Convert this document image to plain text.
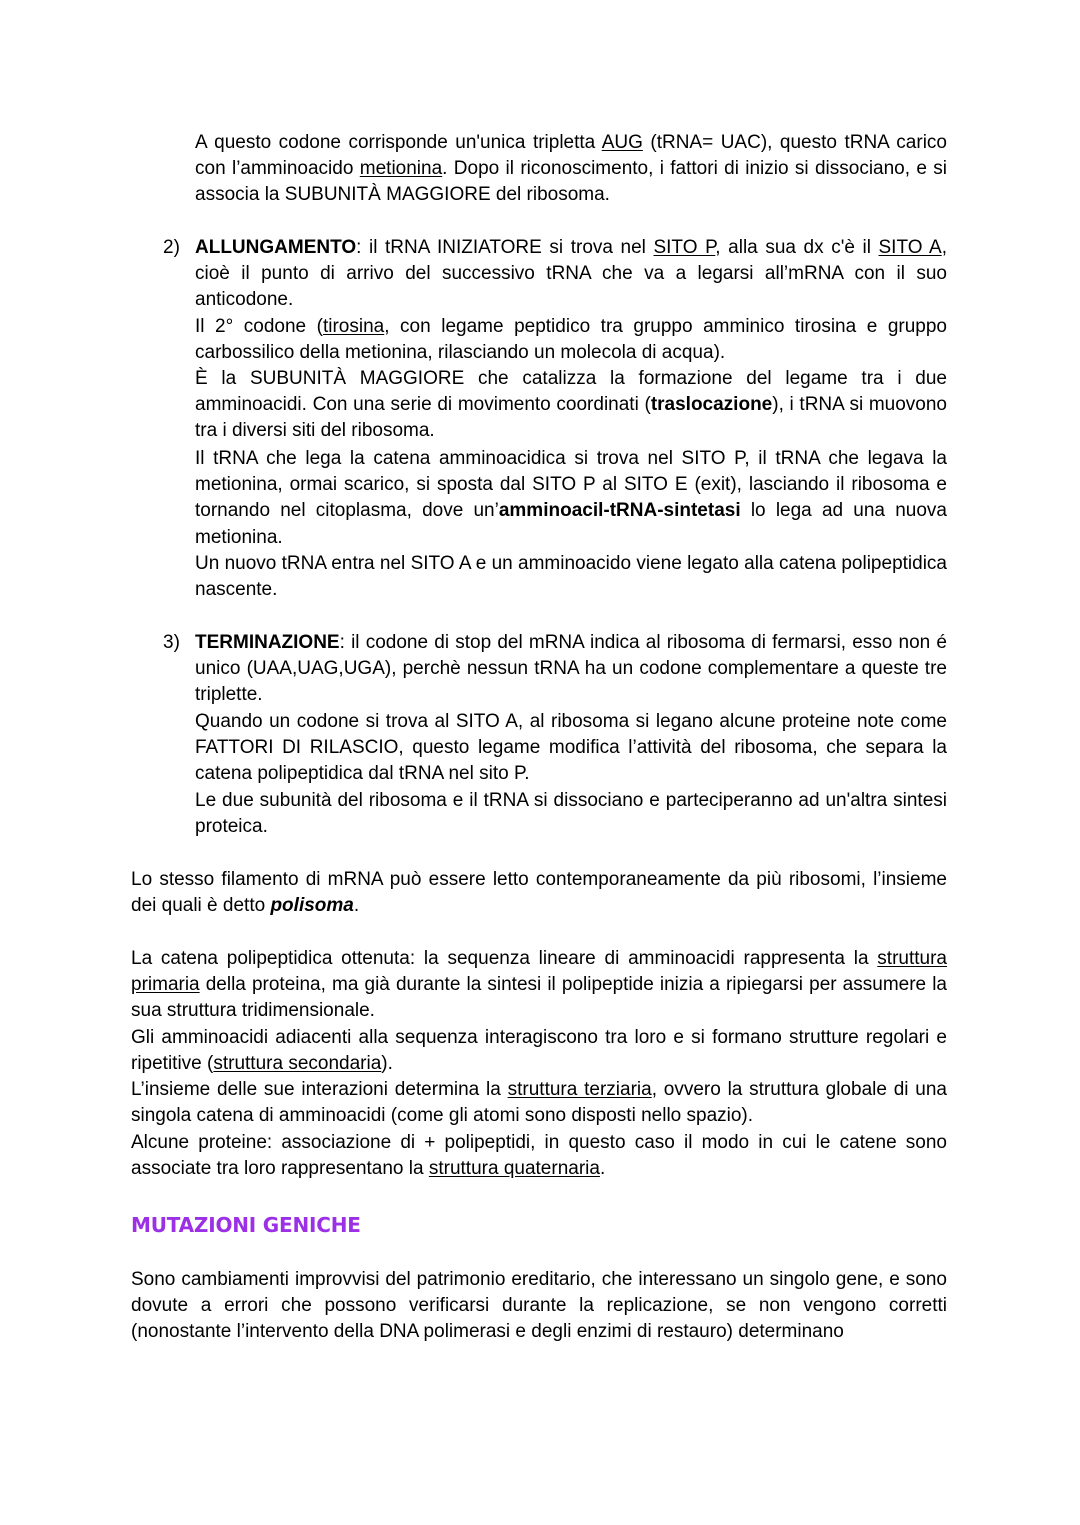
A questo codone corrisponde un'unica tripletta AUG (tRNA= UAC), questo tRNA carico con l’amminoacido metionina. Dopo il riconoscimento, i fattori di inizio si dissociano, e si associa la SUBUNITÀ MAGGIORE del ribosoma.

2) ALLUNGAMENTO: il tRNA INIZIATORE si trova nel SITO P, alla sua dx c'è il SITO A, cioè il punto di arrivo del successivo tRNA che va a legarsi all’mRNA con il suo anticodone.

Il 2° codone (tirosina, con legame peptidico tra gruppo amminico tirosina e gruppo carbossilico della metionina, rilasciando un molecola di acqua).

È la SUBUNITÀ MAGGIORE che catalizza la formazione del legame tra i due amminoacidi. Con una serie di movimento coordinati (traslocazione), i tRNA si muovono tra i diversi siti del ribosoma.

Il tRNA che lega la catena amminoacidica si trova nel SITO P, il tRNA che legava la metionina, ormai scarico, si sposta dal SITO P al SITO E (exit), lasciando il ribosoma e tornando nel citoplasma, dove un’amminoacil-tRNA-sintetasi lo lega ad una nuova metionina.

Un nuovo tRNA entra nel SITO A e un amminoacido viene legato alla catena polipeptidica nascente.

3) TERMINAZIONE: il codone di stop del mRNA indica al ribosoma di fermarsi, esso non é unico (UAA,UAG,UGA), perchè nessun tRNA ha un codone complementare a queste tre triplette.

Quando un codone si trova al SITO A, al ribosoma si legano alcune proteine note come FATTORI DI RILASCIO, questo legame modifica l’attività del ribosoma, che separa la catena polipeptidica dal tRNA nel sito P.

Le due subunità del ribosoma e il tRNA si dissociano e parteciperanno ad un'altra sintesi proteica.

Lo stesso filamento di mRNA può essere letto contemporaneamente da più ribosomi, l’insieme dei quali è detto polisoma.

La catena polipeptidica ottenuta: la sequenza lineare di amminoacidi rappresenta la struttura primaria della proteina, ma già durante la sintesi il polipeptide inizia a ripiegarsi per assumere la sua struttura tridimensionale.

Gli amminoacidi adiacenti alla sequenza interagiscono tra loro e si formano strutture regolari e ripetitive (struttura secondaria).

L’insieme delle sue interazioni determina la struttura terziaria, ovvero la struttura globale di una singola catena di amminoacidi (come gli atomi sono disposti nello spazio).

Alcune proteine: associazione di + polipeptidi, in questo caso il modo in cui le catene sono associate tra loro rappresentano la struttura quaternaria.

MUTAZIONI GENICHE

Sono cambiamenti improvvisi del patrimonio ereditario, che interessano un singolo gene, e sono dovute a errori che possono verificarsi durante la replicazione, se non vengono corretti (nonostante l’intervento della DNA polimerasi e degli enzimi di restauro) determinano
